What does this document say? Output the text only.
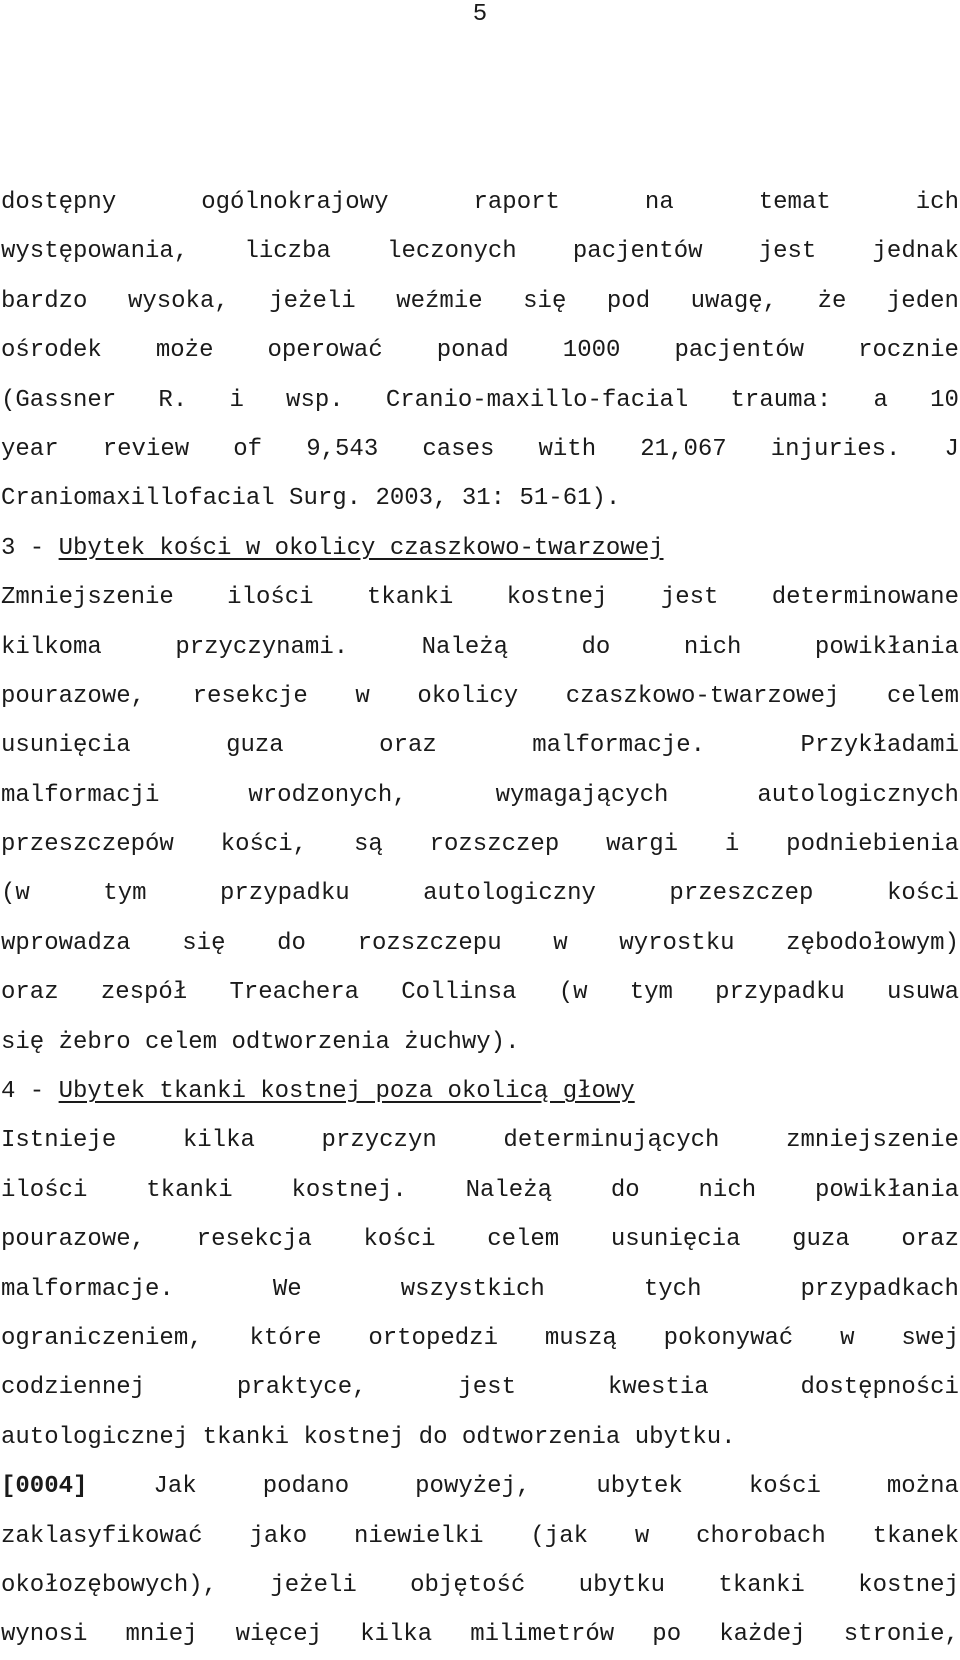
5
dostępny	ogólnokrajowy	raport	na	temat	ich
występowania, liczba leczonych pacjentów jest jednak
bardzo wysoka, jeżeli weźmie się pod uwagę, że jeden
ośrodek może operować ponad 1000 pacjentów rocznie
(Gassner R. i wsp. Cranio-maxillo-facial trauma: a 10
year review of 9,543 cases with 21,067 injuries. J
Craniomaxillofacial Surg. 2003, 31: 51-61).
3 - Ubytek kości w okolicy czaszkowo-twarzowej
Zmniejszenie ilości tkanki kostnej jest determinowane
kilkoma	przyczynami.	Należą	do	nich	powikłania
pourazowe, resekcje w okolicy czaszkowo-twarzowej celem
usunięcia	guza	oraz	malformacje.	Przykładami
malformacji	wrodzonych,	wymagających	autologicznych
przeszczepów kości, są rozszczep wargi i podniebienia
(w	tym	przypadku	autologiczny	przeszczep	kości
wprowadza się do rozszczepu w wyrostku zębodołowym)
oraz zespół Treachera Collinsa (w tym przypadku usuwa
się żebro celem odtworzenia żuchwy).
4 - Ubytek tkanki kostnej poza okolicą głowy
Istnieje	kilka	przyczyn	determinujących	zmniejszenie
ilości tkanki kostnej. Należą do nich powikłania
pourazowe, resekcja kości celem usunięcia guza oraz
malformacje.	We	wszystkich	tych	przypadkach
ograniczeniem, które ortopedzi muszą pokonywać w swej
codziennej	praktyce,	jest	kwestia	dostępności
autologicznej tkanki kostnej do odtworzenia ubytku.
[0004]	Jak	podano	powyżej,	ubytek	kości	można
zaklasyfikować jako niewielki (jak w chorobach tkanek
okołozębowych), jeżeli objętość ubytku tkanki kostnej
wynosi mniej więcej kilka milimetrów po każdej stronie,
